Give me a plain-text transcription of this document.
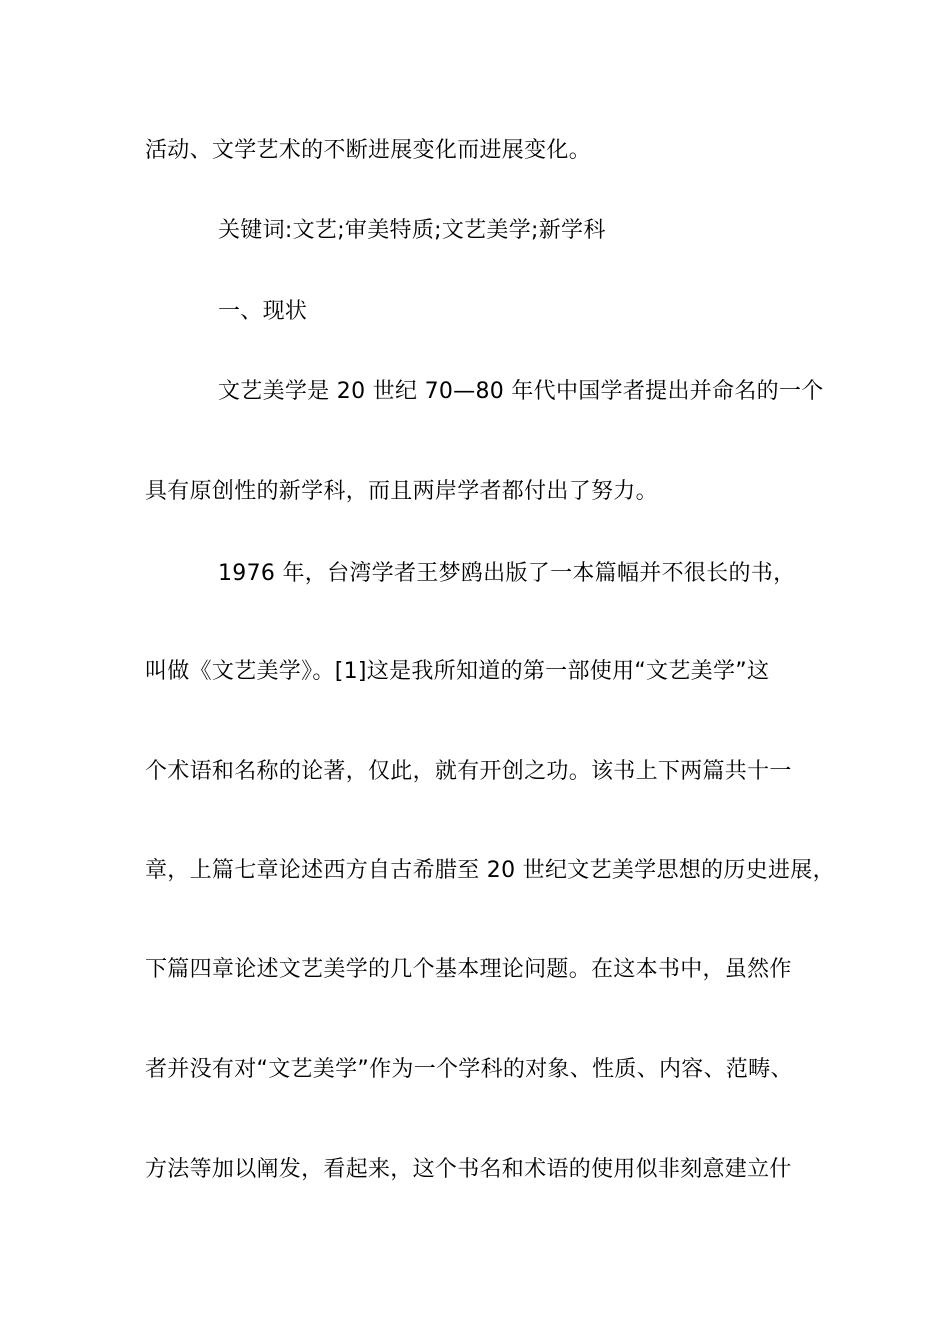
活动、文学艺术的不断进展变化而进展变化。
关键词:文艺;审美特质;文艺美学;新学科
一、现状
文艺美学是 20 世纪 70—80 年代中国学者提出并命名的一个
具有原创性的新学科，而且两岸学者都付出了努力。
1976 年，台湾学者王梦鸥出版了一本篇幅并不很长的书，
叫做《文艺美学》。[1]这是我所知道的第一部使用“文艺美学”这
个术语和名称的论著，仅此，就有开创之功。该书上下两篇共十一
章，上篇七章论述西方自古希腊至 20 世纪文艺美学思想的历史进展，
下篇四章论述文艺美学的几个基本理论问题。在这本书中，虽然作
者并没有对“文艺美学”作为一个学科的对象、性质、内容、范畴、
方法等加以阐发，看起来，这个书名和术语的使用似非刻意建立什
